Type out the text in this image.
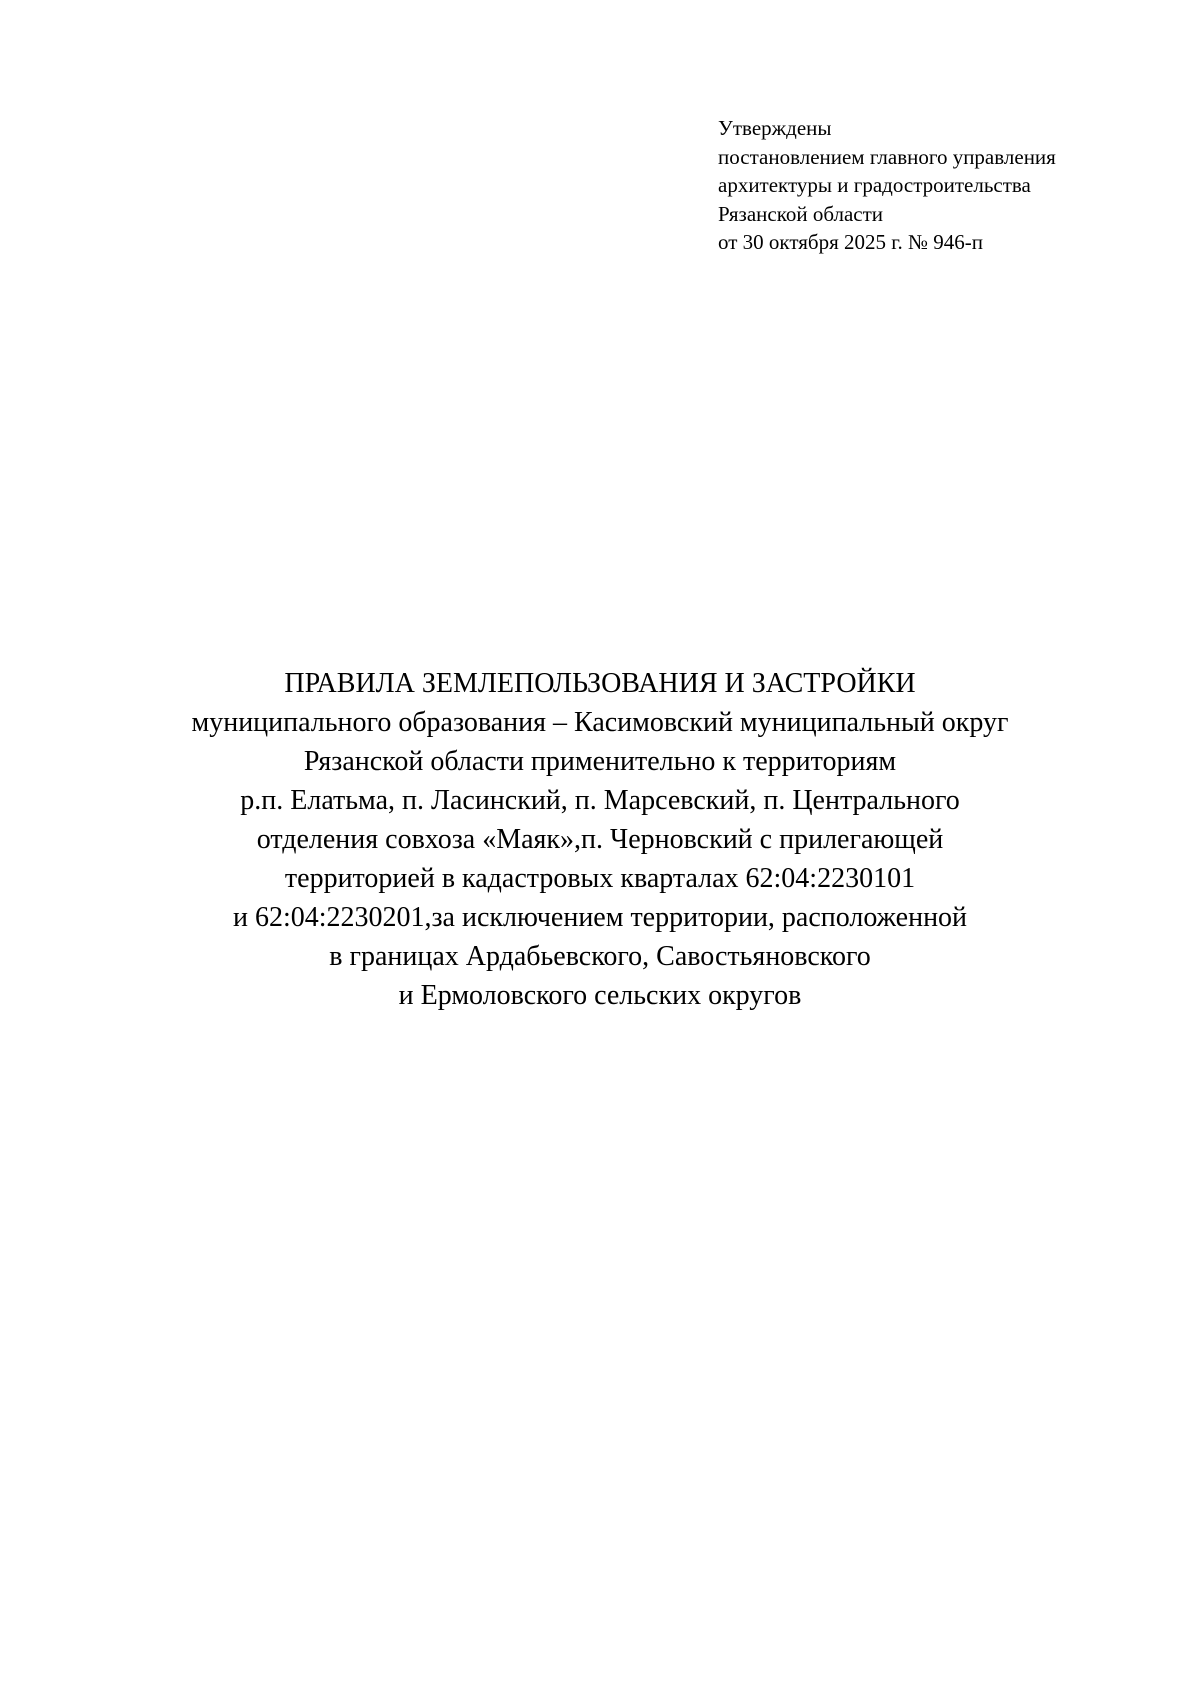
Утверждены
постановлением главного управления
архитектуры и градостроительства
Рязанской области
от 30 октября 2025 г. № 946-п
ПРАВИЛА ЗЕМЛЕПОЛЬЗОВАНИЯ И ЗАСТРОЙКИ
муниципального образования – Касимовский муниципальный округ
Рязанской области применительно к территориям
р.п. Елатьма, п. Ласинский, п. Марсевский, п. Центрального
отделения совхоза «Маяк»,п. Черновский с прилегающей
территорией в кадастровых кварталах 62:04:2230101
и 62:04:2230201,за исключением территории, расположенной
в границах Ардабьевского, Савостьяновского
и Ермоловского сельских округов
